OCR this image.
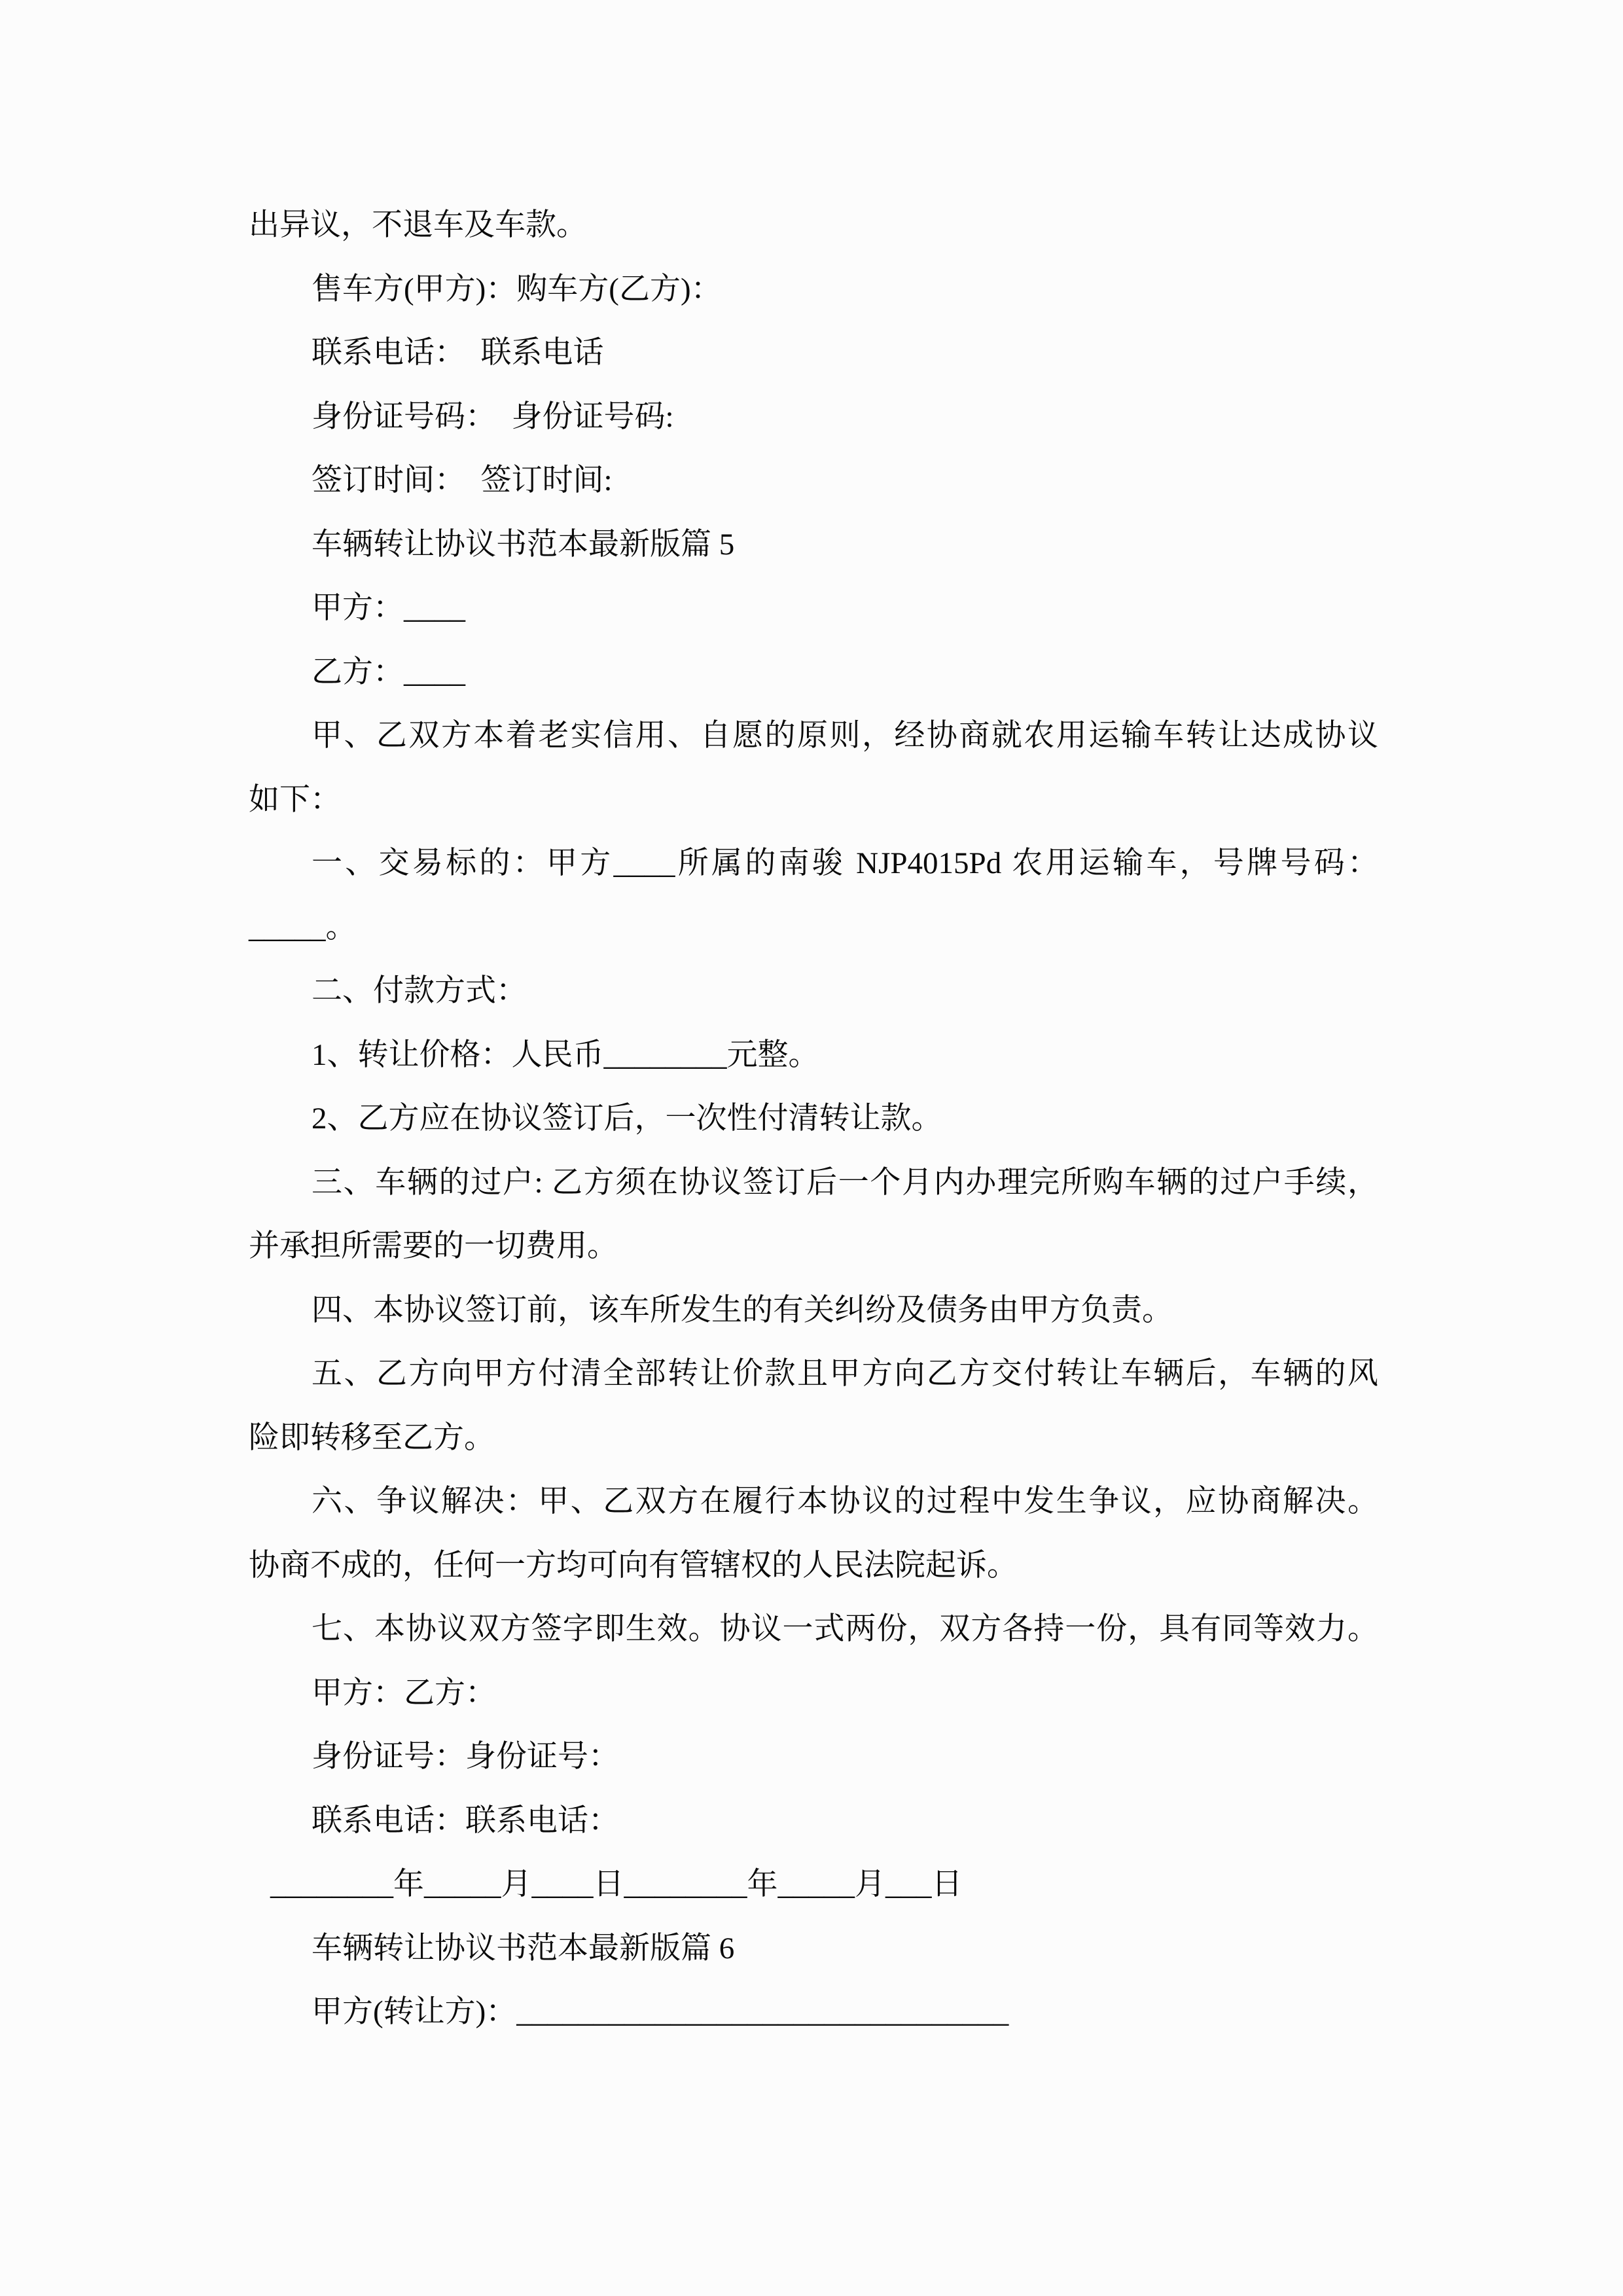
出异议，不退车及车款。
售车方(甲方)：购车方(乙方)：
联系电话：　联系电话
身份证号码：　身份证号码:
签订时间：　签订时间:
车辆转让协议书范本最新版篇 5
甲方：____
乙方：____
甲、乙双方本着老实信用、自愿的原则，经协商就农用运输车转让达成协议
如下：
一、交易标的：甲方____所属的南骏 NJP4015Pd 农用运输车，号牌号码：
_____。
二、付款方式：
1、转让价格：人民币________元整。
2、乙方应在协议签订后，一次性付清转让款。
三、车辆的过户: 乙方须在协议签订后一个月内办理完所购车辆的过户手续，
并承担所需要的一切费用。
四、本协议签订前，该车所发生的有关纠纷及债务由甲方负责。
五、乙方向甲方付清全部转让价款且甲方向乙方交付转让车辆后，车辆的风
险即转移至乙方。
六、争议解决：甲、乙双方在履行本协议的过程中发生争议，应协商解决。
协商不成的，任何一方均可向有管辖权的人民法院起诉。
七、本协议双方签字即生效。协议一式两份，双方各持一份，具有同等效力。
甲方：乙方：
身份证号：身份证号：
联系电话：联系电话：
________年_____月____日________年_____月___日
车辆转让协议书范本最新版篇 6
甲方(转让方)：________________________________
